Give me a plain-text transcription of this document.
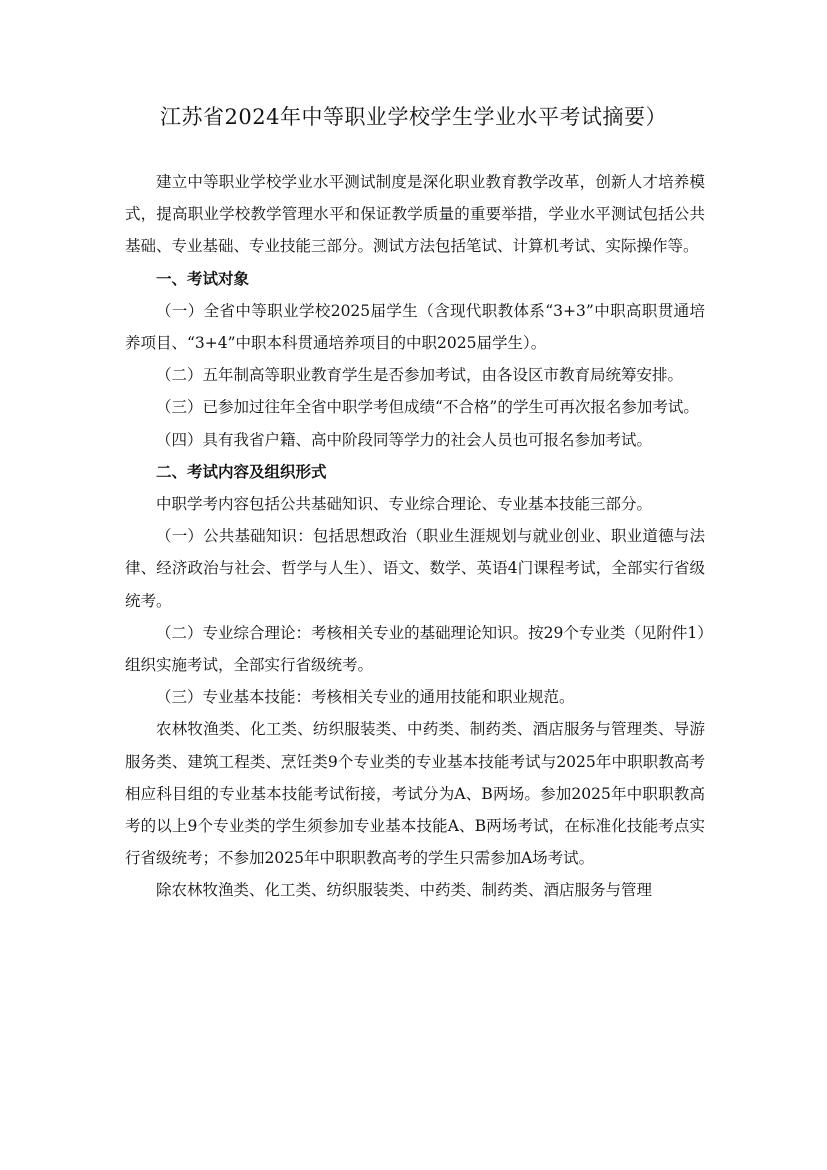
江苏省2024年中等职业学校学生学业水平考试摘要）

建立中等职业学校学业水平测试制度是深化职业教育教学改革，创新人才培养模式，提高职业学校教学管理水平和保证教学质量的重要举措，学业水平测试包括公共基础、专业基础、专业技能三部分。测试方法包括笔试、计算机考试、实际操作等。

一、考试对象

（一）全省中等职业学校2025届学生（含现代职教体系“3+3”中职高职贯通培养项目、“3+4”中职本科贯通培养项目的中职2025届学生）。

（二）五年制高等职业教育学生是否参加考试，由各设区市教育局统筹安排。

（三）已参加过往年全省中职学考但成绩“不合格”的学生可再次报名参加考试。

（四）具有我省户籍、高中阶段同等学力的社会人员也可报名参加考试。

二、考试内容及组织形式

中职学考内容包括公共基础知识、专业综合理论、专业基本技能三部分。

（一）公共基础知识：包括思想政治（职业生涯规划与就业创业、职业道德与法律、经济政治与社会、哲学与人生）、语文、数学、英语4门课程考试，全部实行省级统考。

（二）专业综合理论：考核相关专业的基础理论知识。按29个专业类（见附件1）组织实施考试，全部实行省级统考。

（三）专业基本技能：考核相关专业的通用技能和职业规范。

农林牧渔类、化工类、纺织服装类、中药类、制药类、酒店服务与管理类、导游服务类、建筑工程类、烹饪类9个专业类的专业基本技能考试与2025年中职职教高考相应科目组的专业基本技能考试衔接，考试分为A、B两场。参加2025年中职职教高考的以上9个专业类的学生须参加专业基本技能A、B两场考试，在标准化技能考点实行省级统考；不参加2025年中职职教高考的学生只需参加A场考试。

除农林牧渔类、化工类、纺织服装类、中药类、制药类、酒店服务与管理
